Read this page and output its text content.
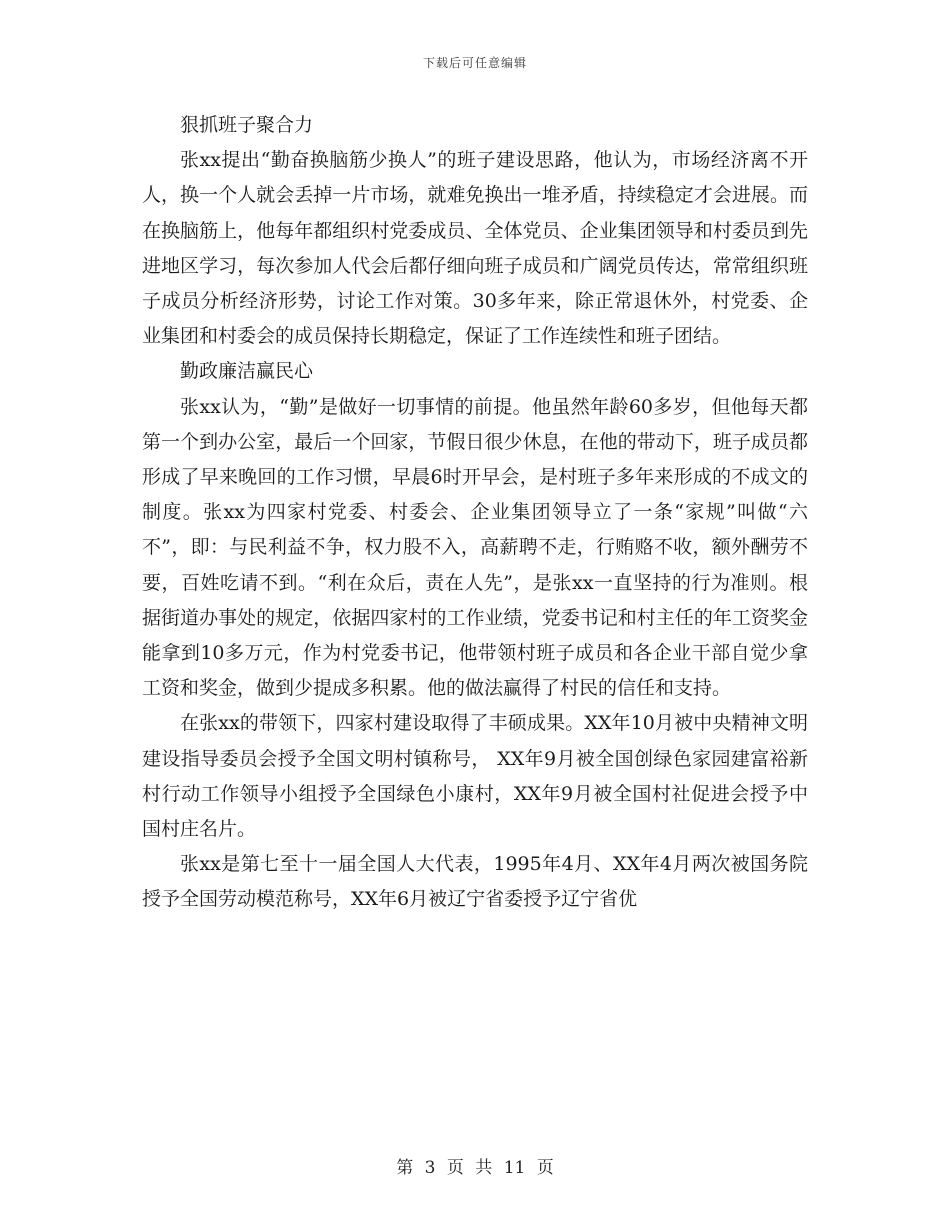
下载后可任意编辑

狠抓班子聚合力

张xx提出“勤奋换脑筋少换人”的班子建设思路，他认为，市场经济离不开人，换一个人就会丢掉一片市场，就难免换出一堆矛盾，持续稳定才会进展。而在换脑筋上，他每年都组织村党委成员、全体党员、企业集团领导和村委员到先进地区学习，每次参加人代会后都仔细向班子成员和广阔党员传达，常常组织班子成员分析经济形势，讨论工作对策。30多年来，除正常退休外，村党委、企业集团和村委会的成员保持长期稳定，保证了工作连续性和班子团结。

勤政廉洁赢民心

张xx认为，“勤”是做好一切事情的前提。他虽然年龄60多岁，但他每天都第一个到办公室，最后一个回家，节假日很少休息，在他的带动下，班子成员都形成了早来晚回的工作习惯，早晨6时开早会，是村班子多年来形成的不成文的制度。张xx为四家村党委、村委会、企业集团领导立了一条“家规”叫做“六不”，即：与民利益不争，权力股不入，高薪聘不走，行贿赂不收，额外酬劳不要，百姓吃请不到。“利在众后，责在人先”，是张xx一直坚持的行为准则。根据街道办事处的规定，依据四家村的工作业绩，党委书记和村主任的年工资奖金能拿到10多万元，作为村党委书记，他带领村班子成员和各企业干部自觉少拿工资和奖金，做到少提成多积累。他的做法赢得了村民的信任和支持。

在张xx的带领下，四家村建设取得了丰硕成果。XX年10月被中央精神文明建设指导委员会授予全国文明村镇称号， XX年9月被全国创绿色家园建富裕新村行动工作领导小组授予全国绿色小康村，XX年9月被全国村社促进会授予中国村庄名片。

张xx是第七至十一届全国人大代表，1995年4月、XX年4月两次被国务院授予全国劳动模范称号，XX年6月被辽宁省委授予辽宁省优

第 3 页 共 11 页
